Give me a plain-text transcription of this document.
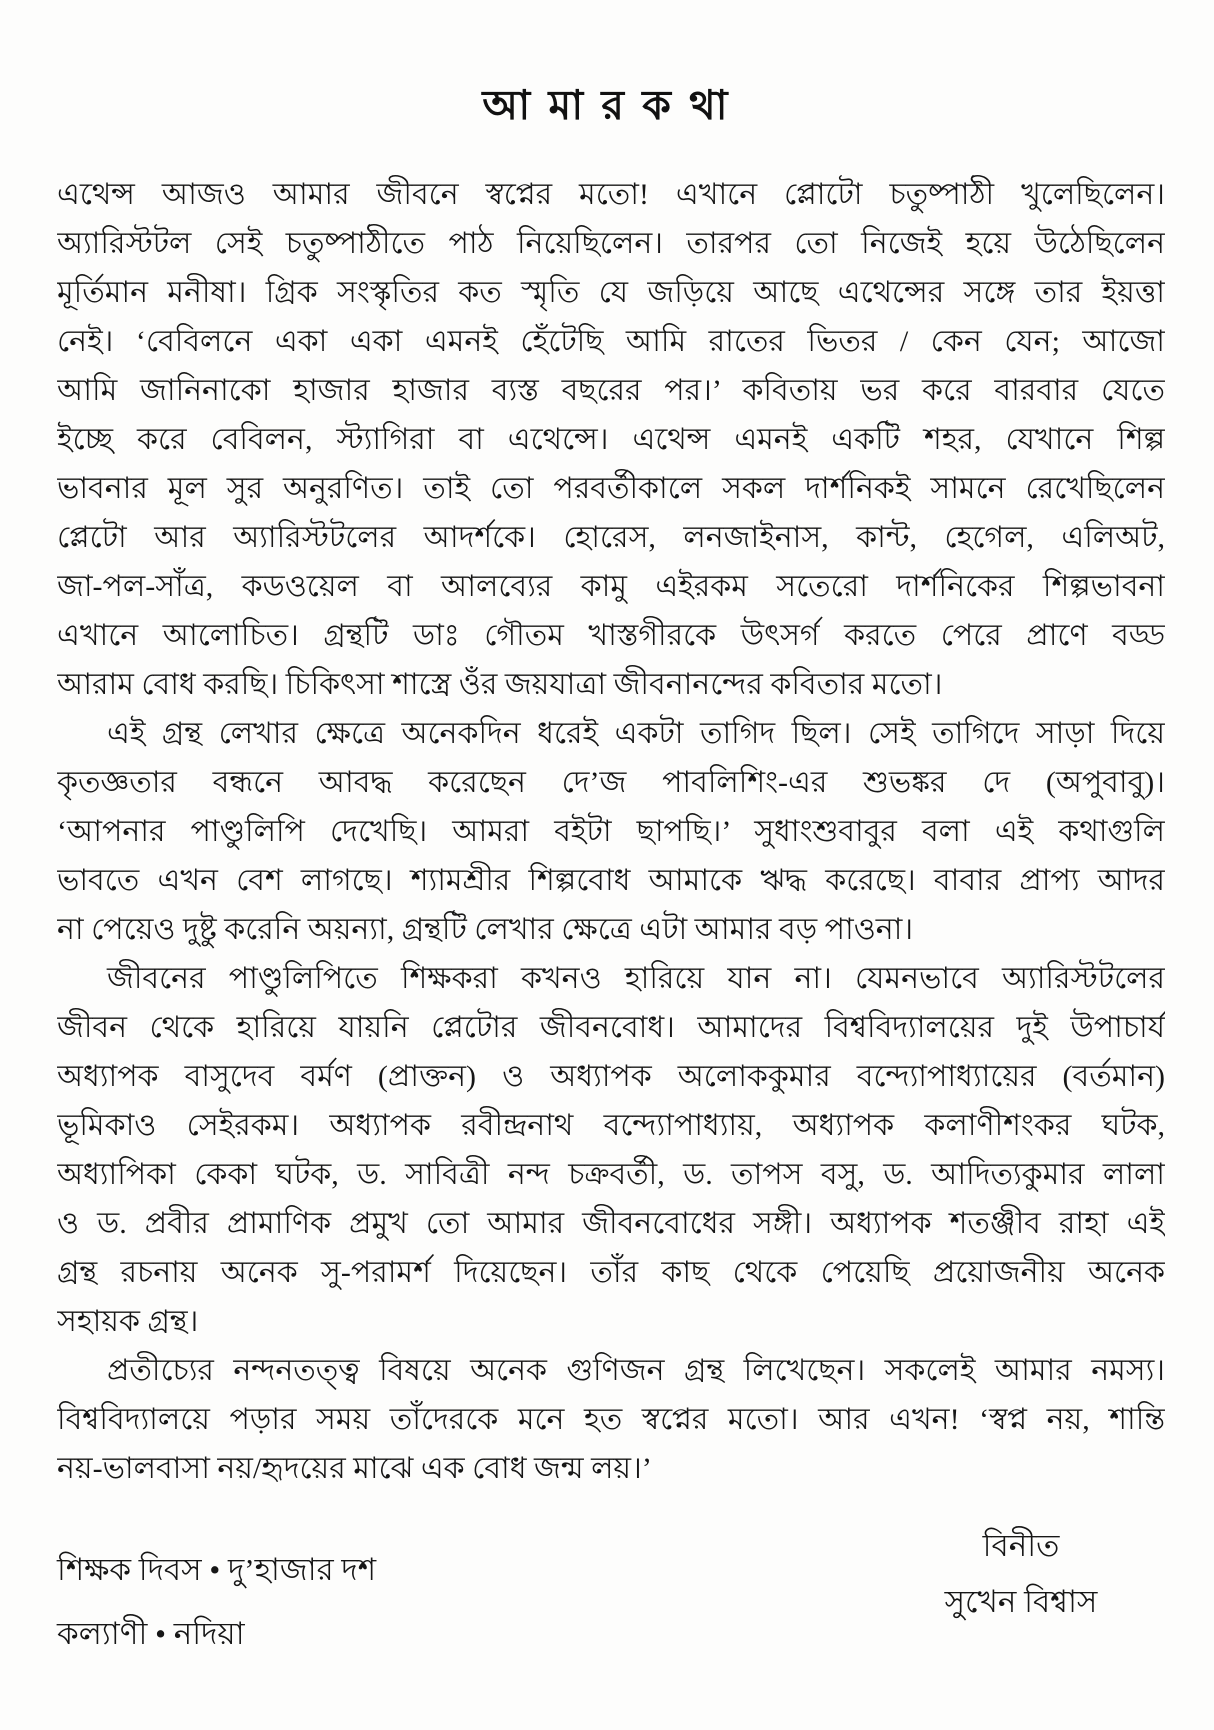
আ মা র ক থা
এথেন্স আজও আমার জীবনে স্বপ্নের মতো! এখানে প্লোটো চতুষ্পাঠী খুলেছিলেন।
অ্যারিস্টটল সেই চতুষ্পাঠীতে পাঠ নিয়েছিলেন। তারপর তো নিজেই হয়ে উঠেছিলেন
মূর্তিমান মনীষা। গ্রিক সংস্কৃতির কত স্মৃতি যে জড়িয়ে আছে এথেন্সের সঙ্গে তার ইয়ত্তা
নেই। ‘বেবিলনে একা একা এমনই হেঁটেছি আমি রাতের ভিতর / কেন যেন; আজো
আমি জানিনাকো হাজার হাজার ব্যস্ত বছরের পর।’ কবিতায় ভর করে বারবার যেতে
ইচ্ছে করে বেবিলন, স্ট্যাগিরা বা এথেন্সে। এথেন্স এমনই একটি শহর, যেখানে শিল্প
ভাবনার মূল সুর অনুরণিত। তাই তো পরবর্তীকালে সকল দার্শনিকই সামনে রেখেছিলেন
প্লেটো আর অ্যারিস্টটলের আদর্শকে। হোরেস, লনজাইনাস, কান্ট, হেগেল, এলিঅট,
জা-পল-সাঁত্র, কডওয়েল বা আলব্যের কামু এইরকম সতেরো দার্শনিকের শিল্পভাবনা
এখানে আলোচিত। গ্রন্থটি ডাঃ গৌতম খাস্তগীরকে উৎসর্গ করতে পেরে প্রাণে বড্ড
আরাম বোধ করছি। চিকিৎসা শাস্ত্রে ওঁর জয়যাত্রা জীবনানন্দের কবিতার মতো।
এই গ্রন্থ লেখার ক্ষেত্রে অনেকদিন ধরেই একটা তাগিদ ছিল। সেই তাগিদে সাড়া দিয়ে
কৃতজ্ঞতার বন্ধনে আবদ্ধ করেছেন দে’জ পাবলিশিং-এর শুভঙ্কর দে (অপুবাবু)।
‘আপনার পাণ্ডুলিপি দেখেছি। আমরা বইটা ছাপছি।’ সুধাংশুবাবুর বলা এই কথাগুলি
ভাবতে এখন বেশ লাগছে। শ্যামশ্রীর শিল্পবোধ আমাকে ঋদ্ধ করেছে। বাবার প্রাপ্য আদর
না পেয়েও দুষ্টু করেনি অয়ন্যা, গ্রন্থটি লেখার ক্ষেত্রে এটা আমার বড় পাওনা।
জীবনের পাণ্ডুলিপিতে শিক্ষকরা কখনও হারিয়ে যান না। যেমনভাবে অ্যারিস্টটলের
জীবন থেকে হারিয়ে যায়নি প্লেটোর জীবনবোধ। আমাদের বিশ্ববিদ্যালয়ের দুই উপাচার্য
অধ্যাপক বাসুদেব বর্মণ (প্রাক্তন) ও অধ্যাপক অলোককুমার বন্দ্যোপাধ্যায়ের (বর্তমান)
ভূমিকাও সেইরকম। অধ্যাপক রবীন্দ্রনাথ বন্দ্যোপাধ্যায়, অধ্যাপক কলাণীশংকর ঘটক,
অধ্যাপিকা কেকা ঘটক, ড. সাবিত্রী নন্দ চক্রবর্তী, ড. তাপস বসু, ড. আদিত্যকুমার লালা
ও ড. প্রবীর প্রামাণিক প্রমুখ তো আমার জীবনবোধের সঙ্গী। অধ্যাপক শতঞ্জীব রাহা এই
গ্রন্থ রচনায় অনেক সু-পরামর্শ দিয়েছেন। তাঁর কাছ থেকে পেয়েছি প্রয়োজনীয় অনেক
সহায়ক গ্রন্থ।
প্রতীচ্যের নন্দনতত্ত্ব বিষয়ে অনেক গুণিজন গ্রন্থ লিখেছেন। সকলেই আমার নমস্য।
বিশ্ববিদ্যালয়ে পড়ার সময় তাঁদেরকে মনে হত স্বপ্নের মতো। আর এখন! ‘স্বপ্ন নয়, শান্তি
নয়-ভালবাসা নয়/হৃদয়ের মাঝে এক বোধ জন্ম লয়।’
শিক্ষক দিবস • দু’হাজার দশ
কল্যাণী • নদিয়া
বিনীত
সুখেন বিশ্বাস
